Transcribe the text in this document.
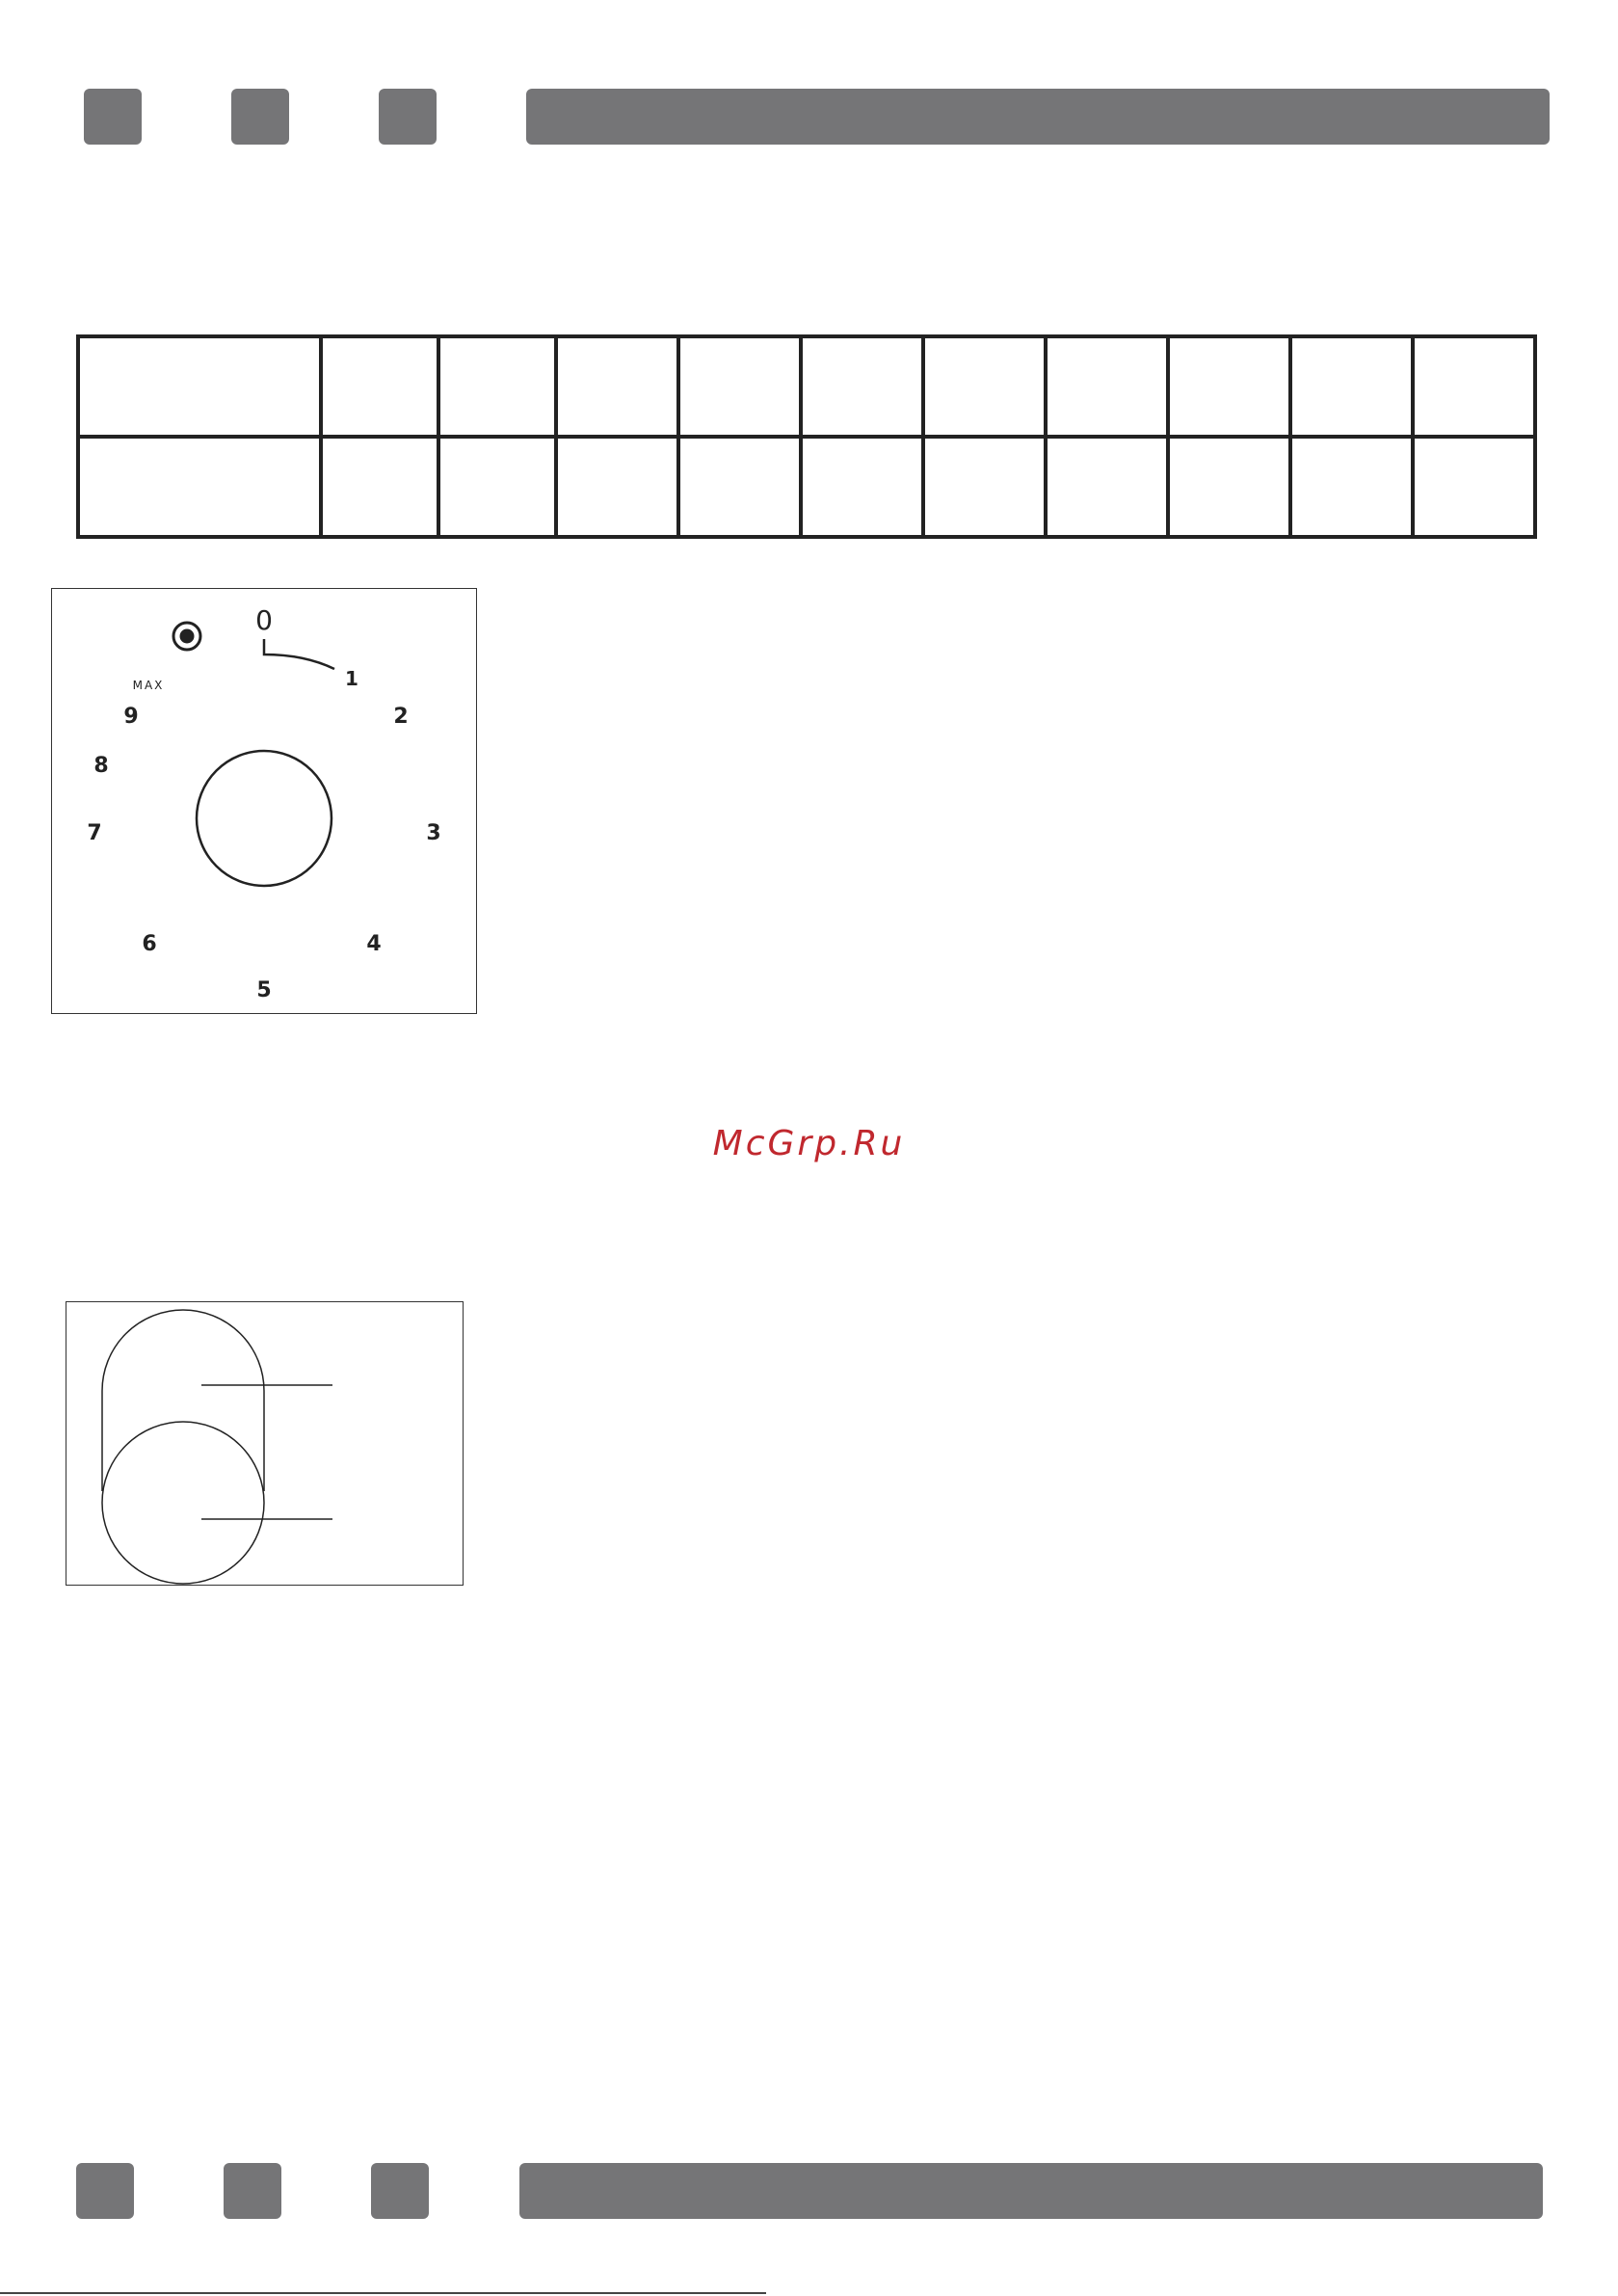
0
MAX	1
2
3
4
5
6
7
8
9
McGrp.Ru
